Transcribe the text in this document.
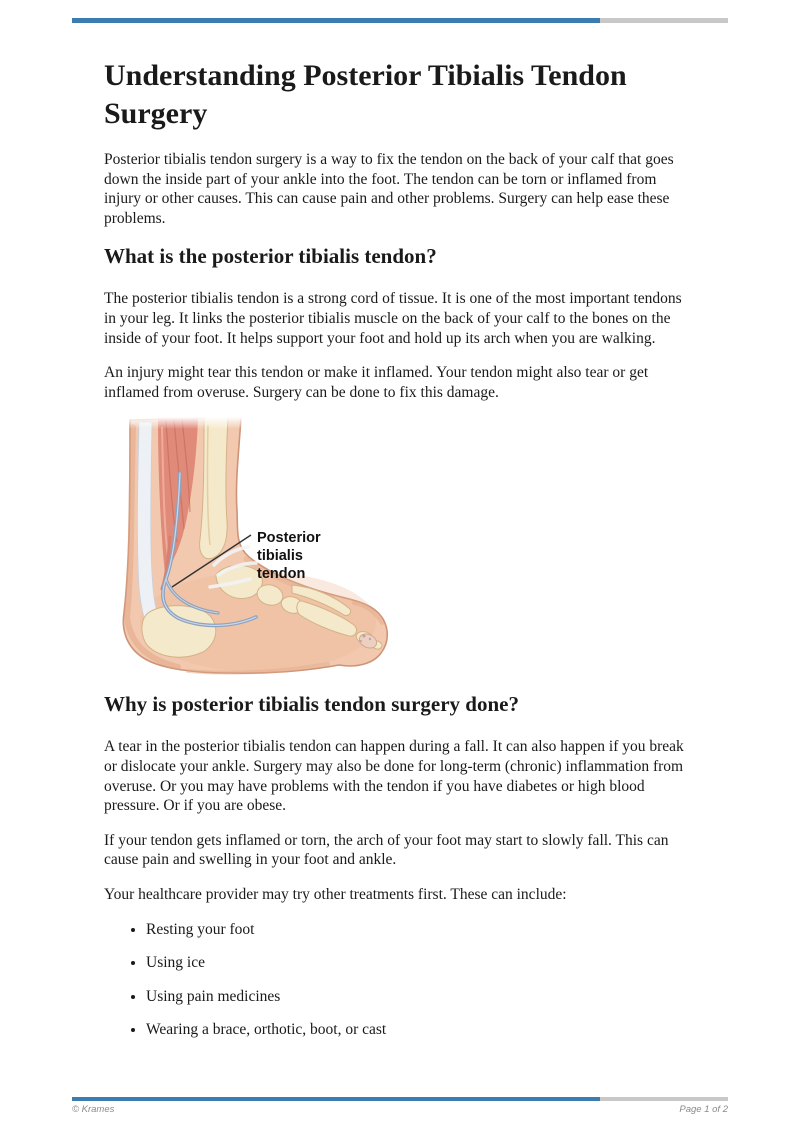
Understanding Posterior Tibialis Tendon Surgery

Posterior tibialis tendon surgery is a way to fix the tendon on the back of your calf that goes down the inside part of your ankle into the foot. The tendon can be torn or inflamed from injury or other causes. This can cause pain and other problems. Surgery can help ease these problems.

What is the posterior tibialis tendon?

The posterior tibialis tendon is a strong cord of tissue. It is one of the most important tendons in your leg. It links the posterior tibialis muscle on the back of your calf to the bones on the inside of your foot. It helps support your foot and hold up its arch when you are walking.

An injury might tear this tendon or make it inflamed. Your tendon might also tear or get inflamed from overuse. Surgery can be done to fix this damage.

Posterior
tibialis
tendon
Why is posterior tibialis tendon surgery done?

A tear in the posterior tibialis tendon can happen during a fall. It can also happen if you break or dislocate your ankle. Surgery may also be done for long-term (chronic) inflammation from overuse. Or you may have problems with the tendon if you have diabetes or high blood pressure. Or if you are obese.

If your tendon gets inflamed or torn, the arch of your foot may start to slowly fall. This can cause pain and swelling in your foot and ankle.

Your healthcare provider may try other treatments first. These can include:

• Resting your foot
• Using ice
• Using pain medicines
• Wearing a brace, orthotic, boot, or cast
© Krames	Page 1 of 2
